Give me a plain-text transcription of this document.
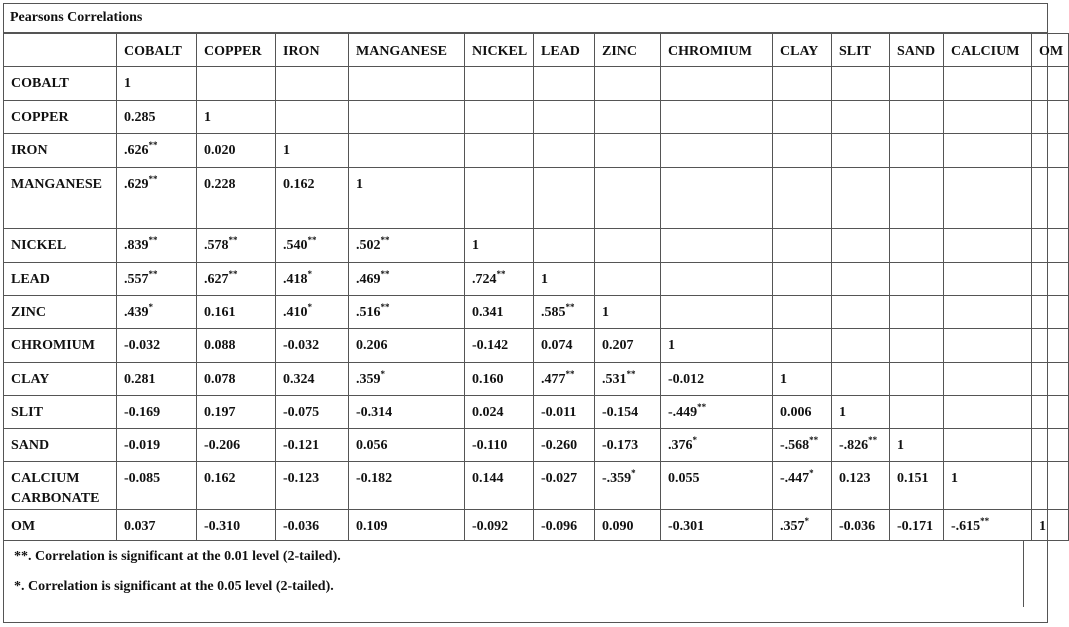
Pearsons Correlations
	COBALT	COPPER	IRON	MANGANESE	NICKEL	LEAD	ZINC	CHROMIUM	CLAY	SLIT	SAND	CALCIUM	OM
COBALT	1												
COPPER	0.285	1											
IRON	.626**	0.020	1										
MANGANESE	.629**	0.228	0.162	1									
NICKEL	.839**	.578**	.540**	.502**	1								
LEAD	.557**	.627**	.418*	.469**	.724**	1							
ZINC	.439*	0.161	.410*	.516**	0.341	.585**	1						
CHROMIUM	-0.032	0.088	-0.032	0.206	-0.142	0.074	0.207	1					
CLAY	0.281	0.078	0.324	.359*	0.160	.477**	.531**	-0.012	1				
SLIT	-0.169	0.197	-0.075	-0.314	0.024	-0.011	-0.154	-.449**	0.006	1			
SAND	-0.019	-0.206	-0.121	0.056	-0.110	-0.260	-0.173	.376*	-.568**	-.826**	1		
CALCIUM CARBONATE	-0.085	0.162	-0.123	-0.182	0.144	-0.027	-.359*	0.055	-.447*	0.123	0.151	1	
OM	0.037	-0.310	-0.036	0.109	-0.092	-0.096	0.090	-0.301	.357*	-0.036	-0.171	-.615**	1
**. Correlation is significant at the 0.01 level (2-tailed).
*. Correlation is significant at the 0.05 level (2-tailed).
